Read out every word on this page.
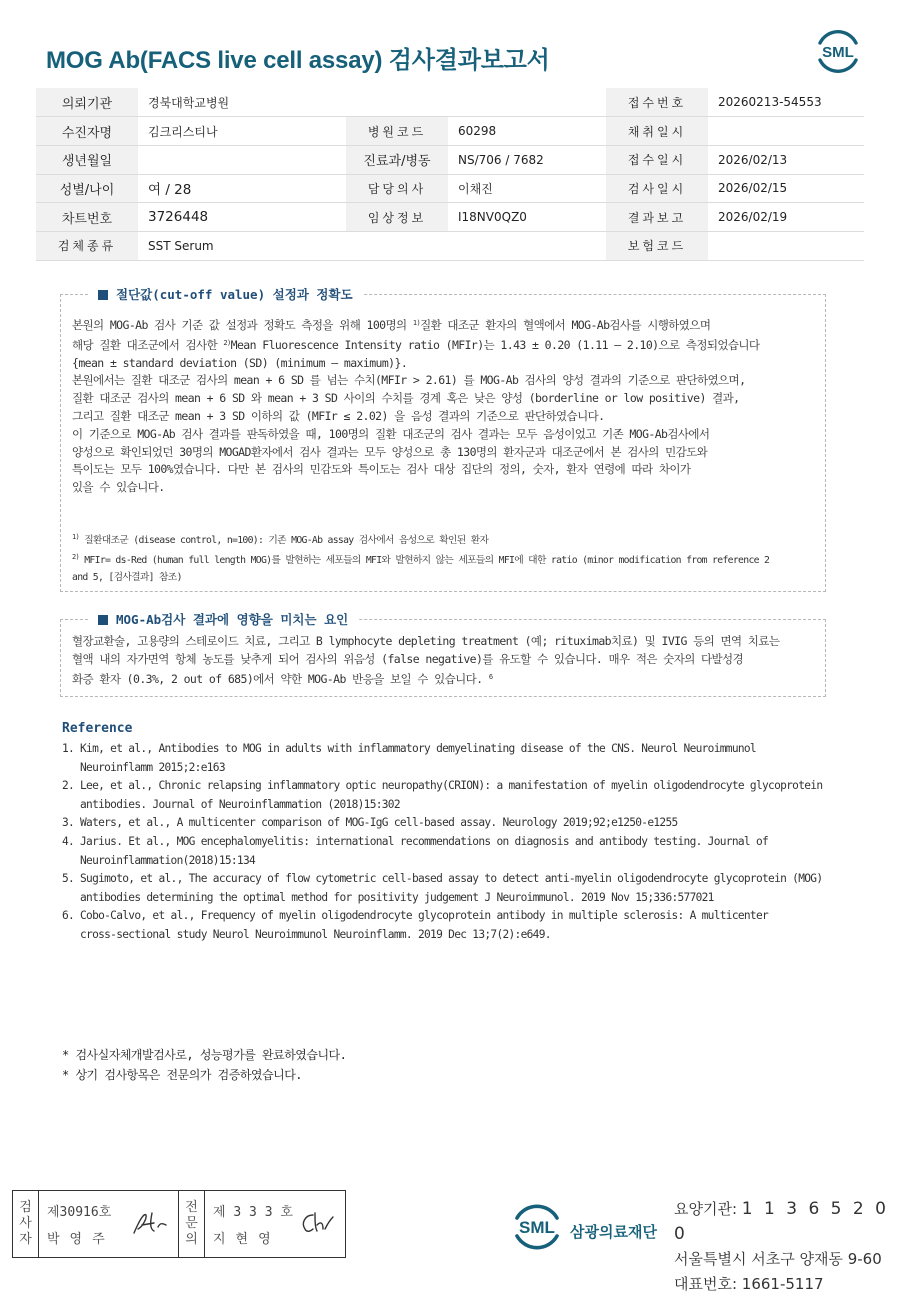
MOG Ab(FACS live cell assay) 검사결과보고서	SML
의뢰기관	경북대학교병원			접수번호	20260213-54553
수진자명	김크리스티나	병원코드	60298	채취일시	
생년월일		진료과/병동	NS/706 / 7682	접수일시	2026/02/13
성별/나이	여 / 28	담당의사	이채진	검사일시	2026/02/15
차트번호	3726448	임상정보	I18NV0QZ0	결과보고	2026/02/19
검체종류	SST Serum			보험코드	
절단값(cut-off value) 설정과 정확도

본원의 MOG-Ab 검사 기준 값 설정과 정확도 측정을 위해 100명의 $^{1)}$질환 대조군 환자의 혈액에서 MOG-Ab검사를 시행하였으며

해당 질환 대조군에서 검사한 $^{2)}$Mean Fluorescence Intensity ratio (MFIr)는 1.43 ± 0.20 (1.11 – 2.10)으로 측정되었습니다

{mean ± standard deviation (SD) (minimum – maximum)}.

본원에서는 질환 대조군 검사의 mean + 6 SD 를 넘는 수치(MFIr > 2.61) 를 MOG-Ab 검사의 양성 결과의 기준으로 판단하였으며,

질환 대조군 검사의 mean + 6 SD 와 mean + 3 SD 사이의 수치를 경계 혹은 낮은 양성 (borderline or low positive) 결과,

그리고 질환 대조군 mean + 3 SD 이하의 값 (MFIr ≤ 2.02) 을 음성 결과의 기준으로 판단하였습니다.

이 기준으로 MOG-Ab 검사 결과를 판독하였을 때, 100명의 질환 대조군의 검사 결과는 모두 음성이었고 기존 MOG-Ab검사에서

양성으로 확인되었던 30명의 MOGAD환자에서 검사 결과는 모두 양성으로 총 130명의 환자군과 대조군에서 본 검사의 민감도와

특이도는 모두 100%였습니다. 다만 본 검사의 민감도와 특이도는 검사 대상 집단의 정의, 숫자, 환자 연령에 따라 차이가

있을 수 있습니다.

$^{1)}$ 질환대조군 (disease control, n=100): 기존 MOG-Ab assay 검사에서 음성으로 확인된 환자

$^{2)}$ MFIr= ds-Red (human full length MOG)를 발현하는 세포들의 MFI와 발현하지 않는 세포들의 MFI에 대한 ratio (minor modification from reference 2

and 5, [검사결과] 참조)

MOG-Ab검사 결과에 영향을 미치는 요인

혈장교환술, 고용량의 스테로이드 치료, 그리고 B lymphocyte depleting treatment (예; rituximab치료) 및 IVIG 등의 면역 치료는

혈액 내의 자가면역 항체 농도를 낮추게 되어 검사의 위음성 (false negative)를 유도할 수 있습니다. 매우 적은 숫자의 다발성경

화증 환자 (0.3%, 2 out of 685)에서 약한 MOG-Ab 반응을 보일 수 있습니다. $^6$

Reference
1. Kim, et al., Antibodies to MOG in adults with inflammatory demyelinating disease of the CNS. Neurol Neuroimmunol
Neuroinflamm 2015;2:e163
2. Lee, et al., Chronic relapsing inflammatory optic neuropathy(CRION): a manifestation of myelin oligodendrocyte glycoprotein
antibodies. Journal of Neuroinflammation (2018)15:302
3. Waters, et al., A multicenter comparison of MOG-IgG cell-based assay. Neurology 2019;92;e1250-e1255
4. Jarius. Et al., MOG encephalomyelitis: international recommendations on diagnosis and antibody testing. Journal of
Neuroinflammation(2018)15:134
5. Sugimoto, et al., The accuracy of flow cytometric cell-based assay to detect anti-myelin oligodendrocyte glycoprotein (MOG)
antibodies determining the optimal method for positivity judgement J Neuroimmunol. 2019 Nov 15;336:577021
6. Cobo-Calvo, et al., Frequency of myelin oligodendrocyte glycoprotein antibody in multiple sclerosis: A multicenter
cross-sectional study Neurol Neuroimmunol Neuroinflamm. 2019 Dec 13;7(2):e649.

* 검사실자체개발검사로, 성능평가를 완료하였습니다.

* 상기 검사항목은 전문의가 검증하였습니다.

검
사
자
제30916호
박영주
전
문
의
제 3 3 3 호
지현영
SML 삼광의료재단
요양기관: 1 1 3 6 5 2 0 0
서울특별시 서초구 양재동 9-60
대표번호: 1661-5117
